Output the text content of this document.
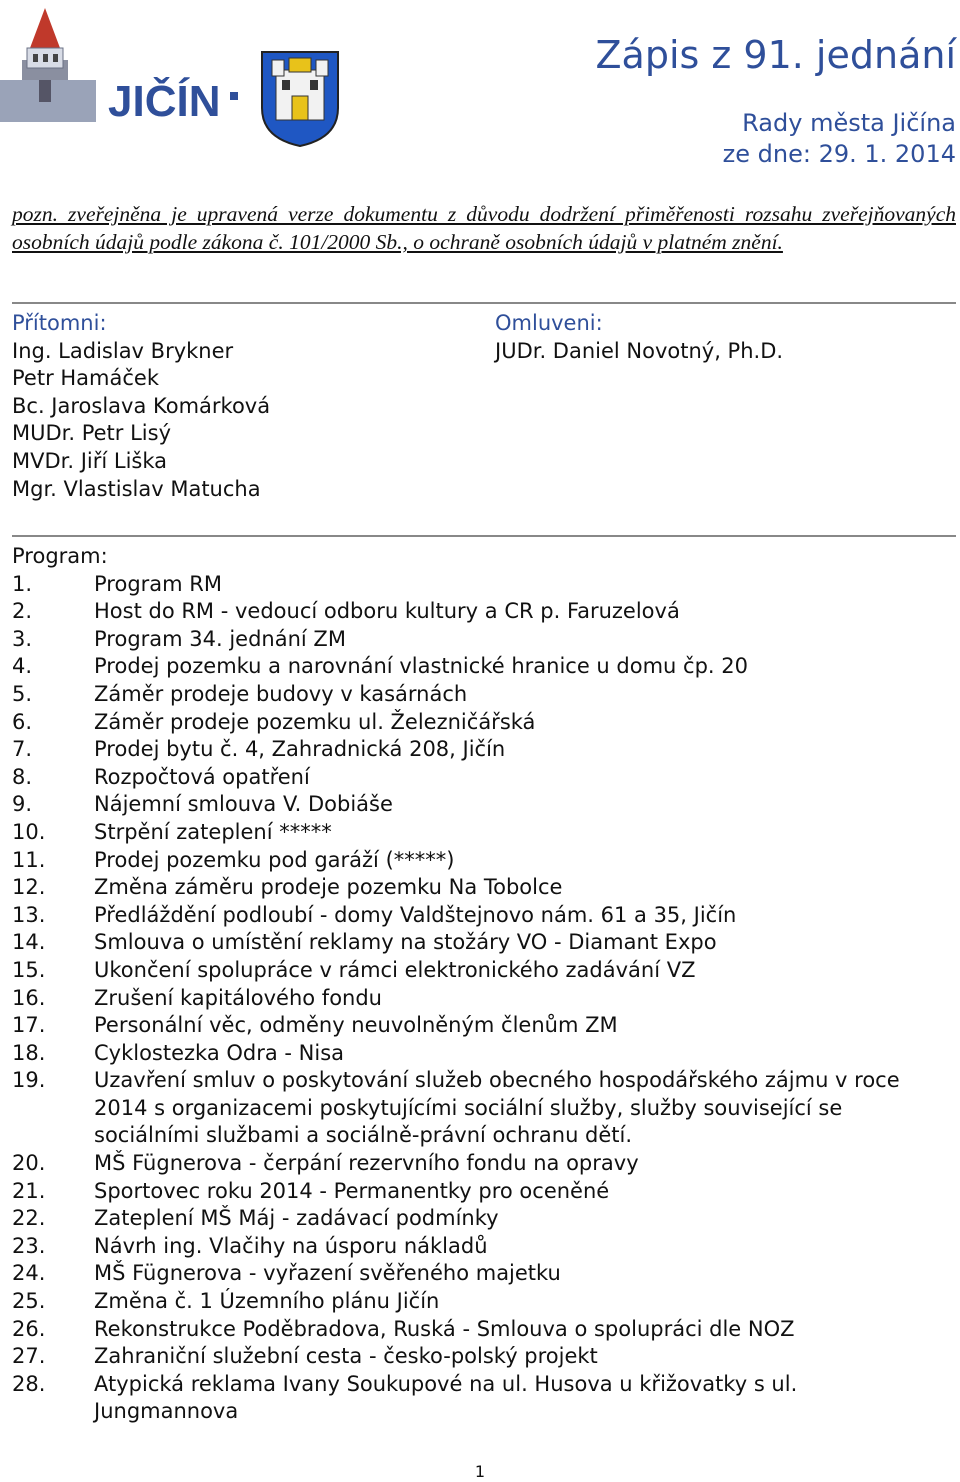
JIČÍN
Zápis z 91. jednání
Rady města Jičína
ze dne: 29. 1. 2014
pozn. zveřejněna je upravená verze dokumentu z důvodu dodržení přiměřenosti rozsahu zveřejňovaných osobních údajů podle zákona č. 101/2000 Sb., o ochraně osobních údajů v platném znění.
Přítomni:
Ing. Ladislav Brykner
Petr Hamáček
Bc. Jaroslava Komárková
MUDr. Petr Lisý
MVDr. Jiří Liška
Mgr. Vlastislav Matucha
Omluveni:
JUDr. Daniel Novotný, Ph.D.
Program:
1.	Program RM
2.	Host do RM - vedoucí odboru kultury a CR p. Faruzelová
3.	Program 34. jednání ZM
4.	Prodej pozemku a narovnání vlastnické hranice u domu čp. 20
5.	Záměr prodeje budovy v kasárnách
6.	Záměr prodeje pozemku ul. Železničářská
7.	Prodej bytu č. 4, Zahradnická 208, Jičín
8.	Rozpočtová opatření
9.	Nájemní smlouva V. Dobiáše
10.	Strpění zateplení *****
11.	Prodej pozemku pod garáží (*****)
12.	Změna záměru prodeje pozemku Na Tobolce
13.	Předláždění podloubí - domy Valdštejnovo nám. 61 a 35, Jičín
14.	Smlouva o umístění reklamy na stožáry VO - Diamant Expo
15.	Ukončení spolupráce v rámci elektronického zadávání VZ
16.	Zrušení kapitálového fondu
17.	Personální věc, odměny neuvolněným členům ZM
18.	Cyklostezka Odra - Nisa
19.	Uzavření smluv o poskytování služeb obecného hospodářského zájmu v roce 2014 s organizacemi poskytujícími sociální služby, služby související se sociálními službami a sociálně-právní ochranu dětí.
20.	MŠ Fügnerova - čerpání rezervního fondu na opravy
21.	Sportovec roku 2014 - Permanentky pro oceněné
22.	Zateplení MŠ Máj - zadávací podmínky
23.	Návrh ing. Vlačihy na úsporu nákladů
24.	MŠ Fügnerova - vyřazení svěřeného majetku
25.	Změna č. 1 Územního plánu Jičín
26.	Rekonstrukce Poděbradova, Ruská - Smlouva o spolupráci dle NOZ
27.	Zahraniční služební cesta - česko-polský projekt
28.	Atypická reklama Ivany Soukupové na ul. Husova u křižovatky s ul. Jungmannova
1
